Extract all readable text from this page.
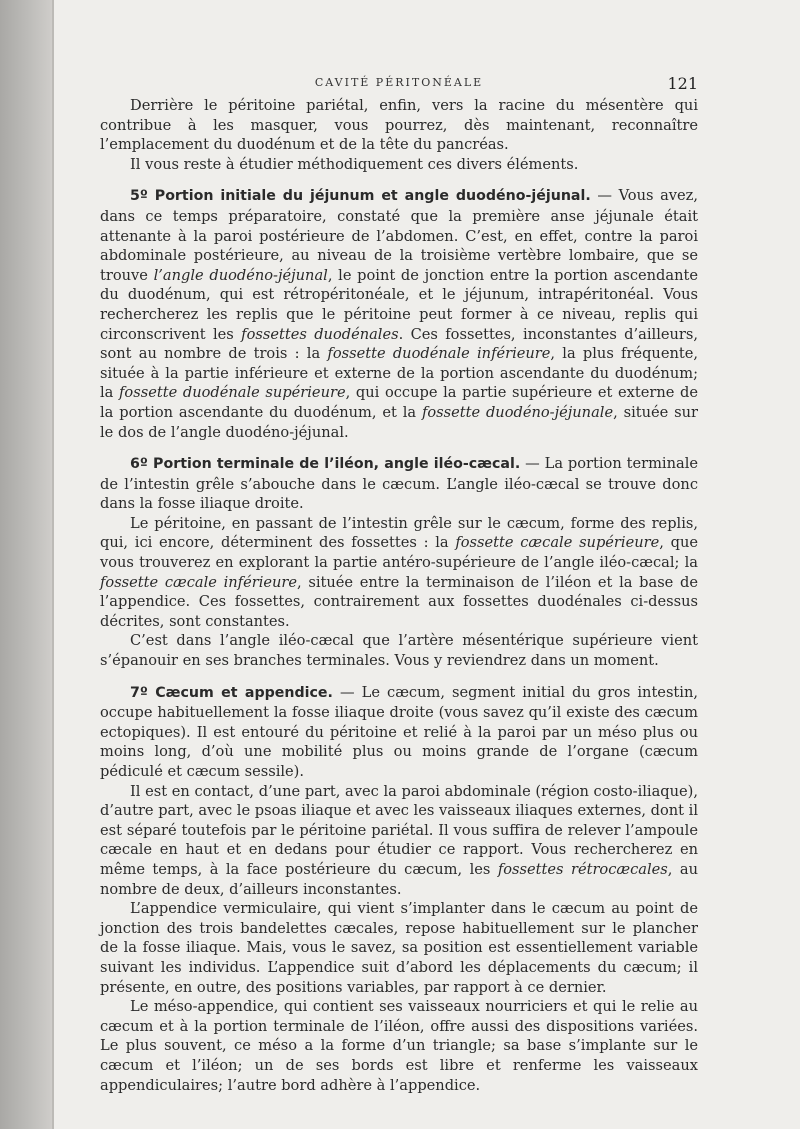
CAVITÉ PÉRITONÉALE	121

Derrière le péritoine pariétal, enfin, vers la racine du mésentère qui contribue à les masquer, vous pourrez, dès maintenant, reconnaître l’emplacement du duodénum et de la tête du pancréas.

Il vous reste à étudier méthodiquement ces divers éléments.

5º Portion initiale du jéjunum et angle duodéno-jéjunal. — Vous avez, dans ce temps préparatoire, constaté que la première anse jéjunale était attenante à la paroi postérieure de l’abdomen. C’est, en effet, contre la paroi abdominale postérieure, au niveau de la troisième vertèbre lombaire, que se trouve l’angle duodéno-jéjunal, le point de jonction entre la portion ascendante du duodénum, qui est rétropéritonéale, et le jéjunum, intrapéritonéal. Vous rechercherez les replis que le péritoine peut former à ce niveau, replis qui circonscrivent les fossettes duodénales. Ces fossettes, inconstantes d’ailleurs, sont au nombre de trois : la fossette duodénale inférieure, la plus fréquente, située à la partie inférieure et externe de la portion ascendante du duodénum; la fossette duodénale supérieure, qui occupe la partie supérieure et externe de la portion ascendante du duodénum, et la fossette duodéno-jéjunale, située sur le dos de l’angle duodéno-jéjunal.

6º Portion terminale de l’iléon, angle iléo-cæcal. — La portion terminale de l’intestin grêle s’abouche dans le cæcum. L’angle iléo-cæcal se trouve donc dans la fosse iliaque droite.

Le péritoine, en passant de l’intestin grêle sur le cæcum, forme des replis, qui, ici encore, déterminent des fossettes : la fossette cæcale supérieure, que vous trouverez en explorant la partie antéro-supérieure de l’angle iléo-cæcal; la fossette cæcale inférieure, située entre la terminaison de l’iléon et la base de l’appendice. Ces fossettes, contrairement aux fossettes duodénales ci-dessus décrites, sont constantes.

C’est dans l’angle iléo-cæcal que l’artère mésentérique supérieure vient s’épanouir en ses branches terminales. Vous y reviendrez dans un moment.

7º Cæcum et appendice. — Le cæcum, segment initial du gros intestin, occupe habituellement la fosse iliaque droite (vous savez qu’il existe des cæcum ectopiques). Il est entouré du péritoine et relié à la paroi par un méso plus ou moins long, d’où une mobilité plus ou moins grande de l’organe (cæcum pédiculé et cæcum sessile).

Il est en contact, d’une part, avec la paroi abdominale (région costo-iliaque), d’autre part, avec le psoas iliaque et avec les vaisseaux iliaques externes, dont il est séparé toutefois par le péritoine pariétal. Il vous suffira de relever l’ampoule cæcale en haut et en dedans pour étudier ce rapport. Vous rechercherez en même temps, à la face postérieure du cæcum, les fossettes rétrocæcales, au nombre de deux, d’ailleurs inconstantes.

L’appendice vermiculaire, qui vient s’implanter dans le cæcum au point de jonction des trois bandelettes cæcales, repose habituellement sur le plancher de la fosse iliaque. Mais, vous le savez, sa position est essentiellement variable suivant les individus. L’appendice suit d’abord les déplacements du cæcum; il présente, en outre, des positions variables, par rapport à ce dernier.

Le méso-appendice, qui contient ses vaisseaux nourriciers et qui le relie au cæcum et à la portion terminale de l’iléon, offre aussi des dispositions variées. Le plus souvent, ce méso a la forme d’un triangle; sa base s’implante sur le cæcum et l’iléon; un de ses bords est libre et renferme les vaisseaux appendiculaires; l’autre bord adhère à l’appendice.
